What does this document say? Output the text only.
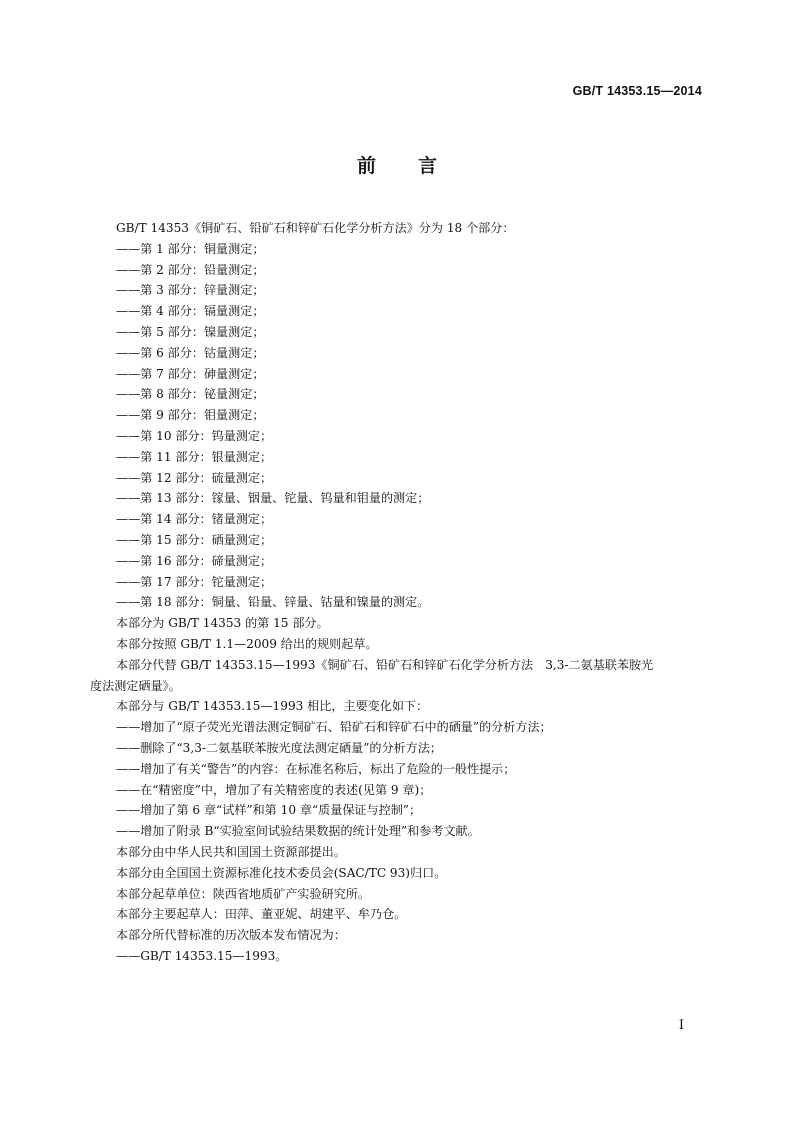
GB/T 14353.15—2014
前言
GB/T 14353《铜矿石、铅矿石和锌矿石化学分析方法》分为 18 个部分：
——第 1 部分：铜量测定；
——第 2 部分：铅量测定；
——第 3 部分：锌量测定；
——第 4 部分：镉量测定；
——第 5 部分：镍量测定；
——第 6 部分：钴量测定；
——第 7 部分：砷量测定；
——第 8 部分：铋量测定；
——第 9 部分：钼量测定；
——第 10 部分：钨量测定；
——第 11 部分：银量测定；
——第 12 部分：硫量测定；
——第 13 部分：镓量、铟量、铊量、钨量和钼量的测定；
——第 14 部分：锗量测定；
——第 15 部分：硒量测定；
——第 16 部分：碲量测定；
——第 17 部分：铊量测定；
——第 18 部分：铜量、铅量、锌量、钴量和镍量的测定。
本部分为 GB/T 14353 的第 15 部分。
本部分按照 GB/T 1.1—2009 给出的规则起草。
本部分代替 GB/T 14353.15—1993《铜矿石、铅矿石和锌矿石化学分析方法　3,3-二氨基联苯胺光
度法测定硒量》。
本部分与 GB/T 14353.15—1993 相比，主要变化如下：
——增加了“原子荧光光谱法测定铜矿石、铅矿石和锌矿石中的硒量”的分析方法；
——删除了“3,3-二氨基联苯胺光度法测定硒量”的分析方法；
——增加了有关“警告”的内容：在标准名称后，标出了危险的一般性提示；
——在“精密度”中，增加了有关精密度的表述(见第 9 章)；
——增加了第 6 章“试样”和第 10 章“质量保证与控制”；
——增加了附录 B“实验室间试验结果数据的统计处理”和参考文献。
本部分由中华人民共和国国土资源部提出。
本部分由全国国土资源标准化技术委员会(SAC/TC 93)归口。
本部分起草单位：陕西省地质矿产实验研究所。
本部分主要起草人：田萍、董亚妮、胡建平、牟乃仓。
本部分所代替标准的历次版本发布情况为：
——GB/T 14353.15—1993。
I
